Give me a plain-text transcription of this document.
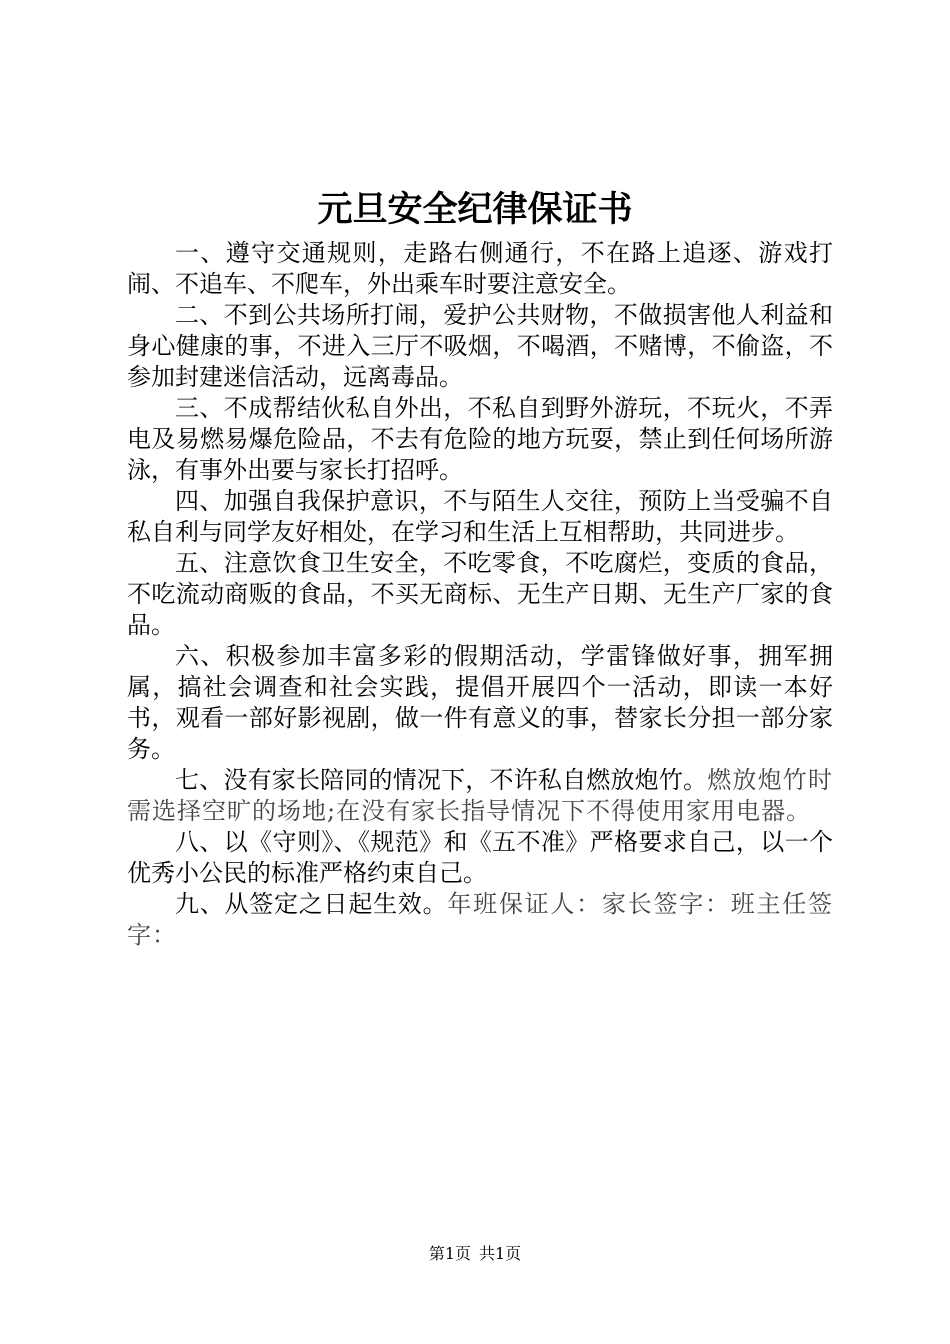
元旦安全纪律保证书

一、遵守交通规则，走路右侧通行，不在路上追逐、游戏打闹、不追车、不爬车，外出乘车时要注意安全。

二、不到公共场所打闹，爱护公共财物，不做损害他人利益和身心健康的事，不进入三厅不吸烟，不喝酒，不赌博，不偷盗，不参加封建迷信活动，远离毒品。

三、不成帮结伙私自外出，不私自到野外游玩，不玩火，不弄电及易燃易爆危险品，不去有危险的地方玩耍，禁止到任何场所游泳，有事外出要与家长打招呼。

四、加强自我保护意识，不与陌生人交往，预防上当受骗不自私自利与同学友好相处，在学习和生活上互相帮助，共同进步。

五、注意饮食卫生安全，不吃零食，不吃腐烂，变质的食品，不吃流动商贩的食品，不买无商标、无生产日期、无生产厂家的食品。

六、积极参加丰富多彩的假期活动，学雷锋做好事，拥军拥属，搞社会调查和社会实践，提倡开展四个一活动，即读一本好书，观看一部好影视剧，做一件有意义的事，替家长分担一部分家务。

七、没有家长陪同的情况下，不许私自燃放炮竹。燃放炮竹时需选择空旷的场地;在没有家长指导情况下不得使用家用电器。

八、以《守则》、《规范》和《五不准》严格要求自己，以一个优秀小公民的标准严格约束自己。

九、从签定之日起生效。年班保证人：家长签字：班主任签字：

第1页 共1页
